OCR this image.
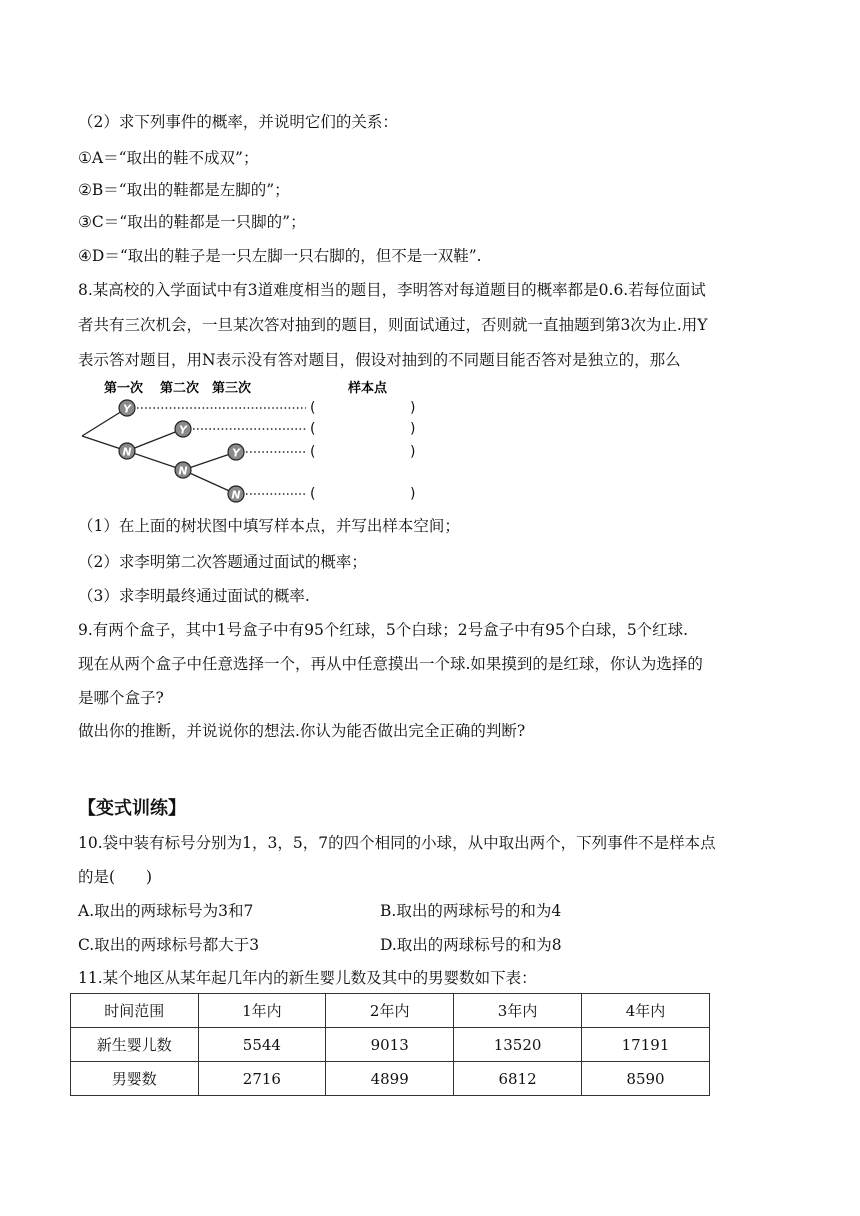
（2）求下列事件的概率，并说明它们的关系：
①A＝“取出的鞋不成双”；
②B＝“取出的鞋都是左脚的”；
③C＝“取出的鞋都是一只脚的”；
④D＝“取出的鞋子是一只左脚一只右脚的，但不是一双鞋”.
8.某高校的入学面试中有3道难度相当的题目，李明答对每道题目的概率都是0.6.若每位面试
者共有三次机会，一旦某次答对抽到的题目，则面试通过，否则就一直抽题到第3次为止.用Y
表示答对题目，用N表示没有答对题目，假设对抽到的不同题目能否答对是独立的，那么
第一次 第二次 第三次	样本点
Y
N
Y
N
Y
N
(	)
(	)
(	)
(	)
（1）在上面的树状图中填写样本点，并写出样本空间；
（2）求李明第二次答题通过面试的概率；
（3）求李明最终通过面试的概率.
9.有两个盒子，其中1号盒子中有95个红球，5个白球；2号盒子中有95个白球，5个红球.
现在从两个盒子中任意选择一个，再从中任意摸出一个球.如果摸到的是红球，你认为选择的
是哪个盒子?
做出你的推断，并说说你的想法.你认为能否做出完全正确的判断?
【变式训练】
10.袋中装有标号分别为1，3，5，7的四个相同的小球，从中取出两个，下列事件不是样本点
的是(　　)
A.取出的两球标号为3和7	B.取出的两球标号的和为4
C.取出的两球标号都大于3	D.取出的两球标号的和为8
11.某个地区从某年起几年内的新生婴儿数及其中的男婴数如下表：
时间范围	1年内	2年内	3年内	4年内
新生婴儿数	5544	9013	13520	17191
男婴数	2716	4899	6812	8590
